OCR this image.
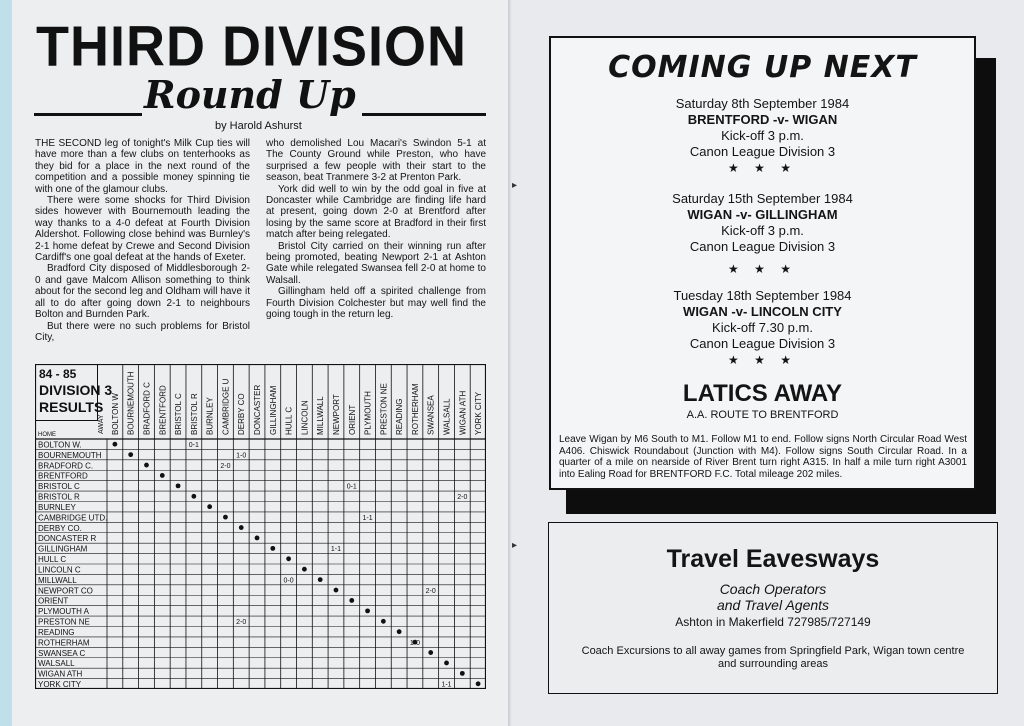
THIRD DIVISION
Round Up
by Harold Ashurst

THE SECOND leg of tonight's Milk Cup ties will have more than a few clubs on tenterhooks as they bid for a place in the next round of the competition and a possible money spinning tie with one of the glamour clubs.

There were some shocks for Third Division sides however with Bournemouth leading the way thanks to a 4-0 defeat at Fourth Division Aldershot. Following close behind was Burnley's 2-1 home defeat by Crewe and Second Division Cardiff's one goal defeat at the hands of Exeter.

Bradford City disposed of Middlesborough 2-0 and gave Malcom Allison something to think about for the second leg and Oldham will have it all to do after going down 2-1 to neighbours Bolton and Burnden Park.

But there were no such problems for Bristol City,

who demolished Lou Macari's Swindon 5-1 at The County Ground while Preston, who have surprised a few people with their start to the season, beat Tranmere 3-2 at Prenton Park.

York did well to win by the odd goal in five at Doncaster while Cambridge are finding life hard at present, going down 2-0 at Brentford after losing by the same score at Bradford in their first match after being relegated.

Bristol City carried on their winning run after being promoted, beating Newport 2-1 at Ashton Gate while relegated Swansea fell 2-0 at home to Walsall.

Gillingham held off a spirited challenge from Fourth Division Colchester but may well find the going tough in the return leg.

84 - 85
DIVISION 3
RESULTS
AWAY
HOME	BOLTON W BOURNEMOUTH BRADFORD C BRENTFORD BRISTOL C BRISTOL R BURNLEY CAMBRIDGE U DERBY CO DONCASTER GILLINGHAM HULL C LINCOLN MILLWALL NEWPORT ORIENT PLYMOUTH PRESTON NE READING ROTHERHAM SWANSEA WALSALL WIGAN ATH YORK CITY
BOLTON W.
BOURNEMOUTH
BRADFORD C.
BRENTFORD
BRISTOL C
BRISTOL R
BURNLEY
CAMBRIDGE UTD.
DERBY CO.
DONCASTER R
GILLINGHAM
HULL C
LINCOLN C
MILLWALL
NEWPORT CO
ORIENT
PLYMOUTH A
PRESTON NE
READING
ROTHERHAM
SWANSEA C
WALSALL
WIGAN ATH
YORK CITY
0-1
1-0
2-0
0-1
2-0
1-1
1-1
0-0
2-0
2-0
1-0
1-1
▸
▸
COMING UP NEXT
Saturday 8th September 1984
BRENTFORD -v- WIGAN
Kick-off 3 p.m.
Canon League Division 3
★ ★ ★
Saturday 15th September 1984
WIGAN -v- GILLINGHAM
Kick-off 3 p.m.
Canon League Division 3
★ ★ ★
Tuesday 18th September 1984
WIGAN -v- LINCOLN CITY
Kick-off 7.30 p.m.
Canon League Division 3
★ ★ ★
LATICS AWAY
A.A. ROUTE TO BRENTFORD
Leave Wigan by M6 South to M1. Follow M1 to end. Follow signs North Circular Road West A406. Chiswick Roundabout (Junction with M4). Follow signs South Circular Road. In a quarter of a mile on nearside of River Brent turn right A315. In half a mile turn right A3001 into Ealing Road for BRENTFORD F.C. Total mileage 202 miles.
Travel Eavesways
Coach Operators
and Travel Agents
Ashton in Makerfield 727985/727149
Coach Excursions to all away games from Springfield Park, Wigan town centre and surrounding areas
